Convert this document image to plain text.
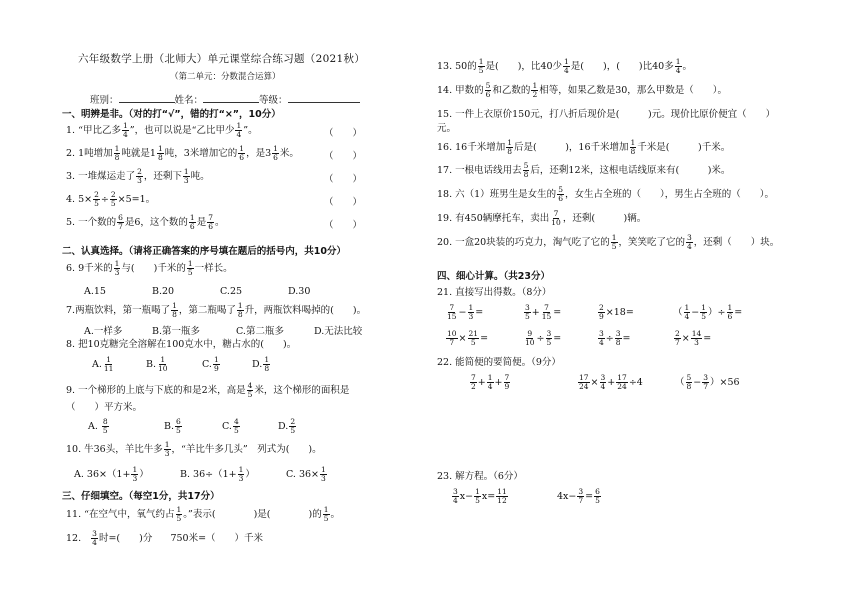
六年级数学上册（北师大）单元课堂综合练习题（2021秋）
（第二单元：分数混合运算）
班别：	姓名：	等级：
一、明辨是非。（对的打“√”，错的打“×”，10分）
1. “甲比乙多 $\frac{1}{4}$ ”，也可以说是“乙比甲少 $\frac{1}{4}$ ”。	（　　）
2. 1吨增加 $\frac{1}{8}$ 吨就是$1 \frac{1}{8}$ 吨，3米增加它的 $\frac{1}{6}$ ，是$3 \frac{1}{6}$ 米。	（　　）
3. 一堆煤运走了 $\frac{2}{3}$ ，还剩下 $\frac{1}{3}$ 吨。	（　　）
4. $5\times \frac{2}{5} \div \frac{2}{5} \times 5=1$。	（　　）
5. 一个数的 $\frac{6}{7}$ 是6，这个数的 $\frac{1}{6}$ 是 $\frac{7}{6}$ 。	（　　）
二、认真选择。（请将正确答案的序号填在题后的括号内，共10分）
6. 9千米的 $\frac{1}{3}$ 与(　　)千米的 $\frac{1}{5}$ 一样长。
A.15	B.20	C.25	D.30
7.两瓶饮料，第一瓶喝了 $\frac{1}{8}$ ，第二瓶喝了 $\frac{1}{8}$ 升，两瓶饮料喝掉的(　　)。
A.一样多	B.第一瓶多	C.第二瓶多	D.无法比较
8. 把10克糖完全溶解在100克水中，糖占水的(　　)。
A. $\frac{1}{11}$	B. $\frac{1}{10}$	C. $\frac{1}{9}$	D. $\frac{1}{8}$
9. 一个梯形的上底与下底的和是2米，高是 $\frac{4}{5}$ 米，这个梯形的面积是
（　　）平方米。
A. $\frac{8}{5}$	B. $\frac{6}{5}$	C. $\frac{4}{5}$	D. $\frac{2}{5}$
10. 牛36头，羊比牛多 $\frac{1}{3}$ ，“羊比牛多几头”　列式为(　　)。
A. $36\times(1+ \frac{1}{3}$ ）	B. $36\div(1+ \frac{1}{3}$ ）	C. $36\times \frac{1}{3}$
三、仔细填空。（每空1分，共17分）
11. “在空气中，氧气约占 $\frac{1}{5}$ 。”表示(　　　　)是(　　　　)的 $\frac{1}{5}$ 。
12. $\frac{3}{4}$ 时=(　　)分 750米=（　　）千米
13. 50的 $\frac{1}{5}$ 是(　　)，比40少 $\frac{1}{4}$ 是(　　)，(　　)比40多 $\frac{1}{4}$ 。
14. 甲数的 $\frac{5}{6}$ 和乙数的 $\frac{1}{2}$ 相等，如果乙数是30，那么甲数是（　　）。
15. 一件上衣原价150元，打八折后现价是(　　　)元。现价比原价便宜（　　）
元。
16. 16千米增加 $\frac{1}{8}$ 后是(　　　)，16千米增加 $\frac{1}{8}$ 千米是(　　　)千米。
17. 一根电话线用去 $\frac{5}{8}$ 后，还剩12米，这根电话线原来有(　　　)米。
18. 六（1）班男生是女生的 $\frac{5}{6}$ ，女生占全班的（　　），男生占全班的（　　）。
19. 有450辆摩托车，卖出 $\frac{7}{10}$ ，还剩(　　　)辆。
20. 一盒20块装的巧克力，淘气吃了它的 $\frac{1}{5}$ ，笑笑吃了它的 $\frac{3}{4}$ ，还剩（　　）块。
四、细心计算。（共23分）
21. 直接写出得数。（8分）
$\frac{7}{15} - \frac{1}{3}$ =	$\frac{3}{5} + \frac{7}{15}$ =	$\frac{2}{9} \times 18=$	（ $\frac{1}{4} - \frac{1}{5}$ ）÷ $\frac{1}{6}$ =
$\frac{10}{7} \times \frac{21}{5}$ =	$\frac{9}{10} \div \frac{3}{5}$ =	$\frac{3}{4} \div \frac{3}{8}$ =	$\frac{2}{7} \times \frac{14}{3}$ =
22. 能简便的要简便。（9分）
$\frac{7}{2} + \frac{1}{4} + \frac{7}{9}$	$\frac{17}{24} \times \frac{3}{4} + \frac{17}{24} \div 4$	（ $\frac{5}{8} - \frac{3}{7} )\times 56$
23. 解方程。（6分）
$\frac{3}{4} x- \frac{1}{5} x= \frac{11}{12}$	$4x- \frac{3}{7} = \frac{6}{5}$
